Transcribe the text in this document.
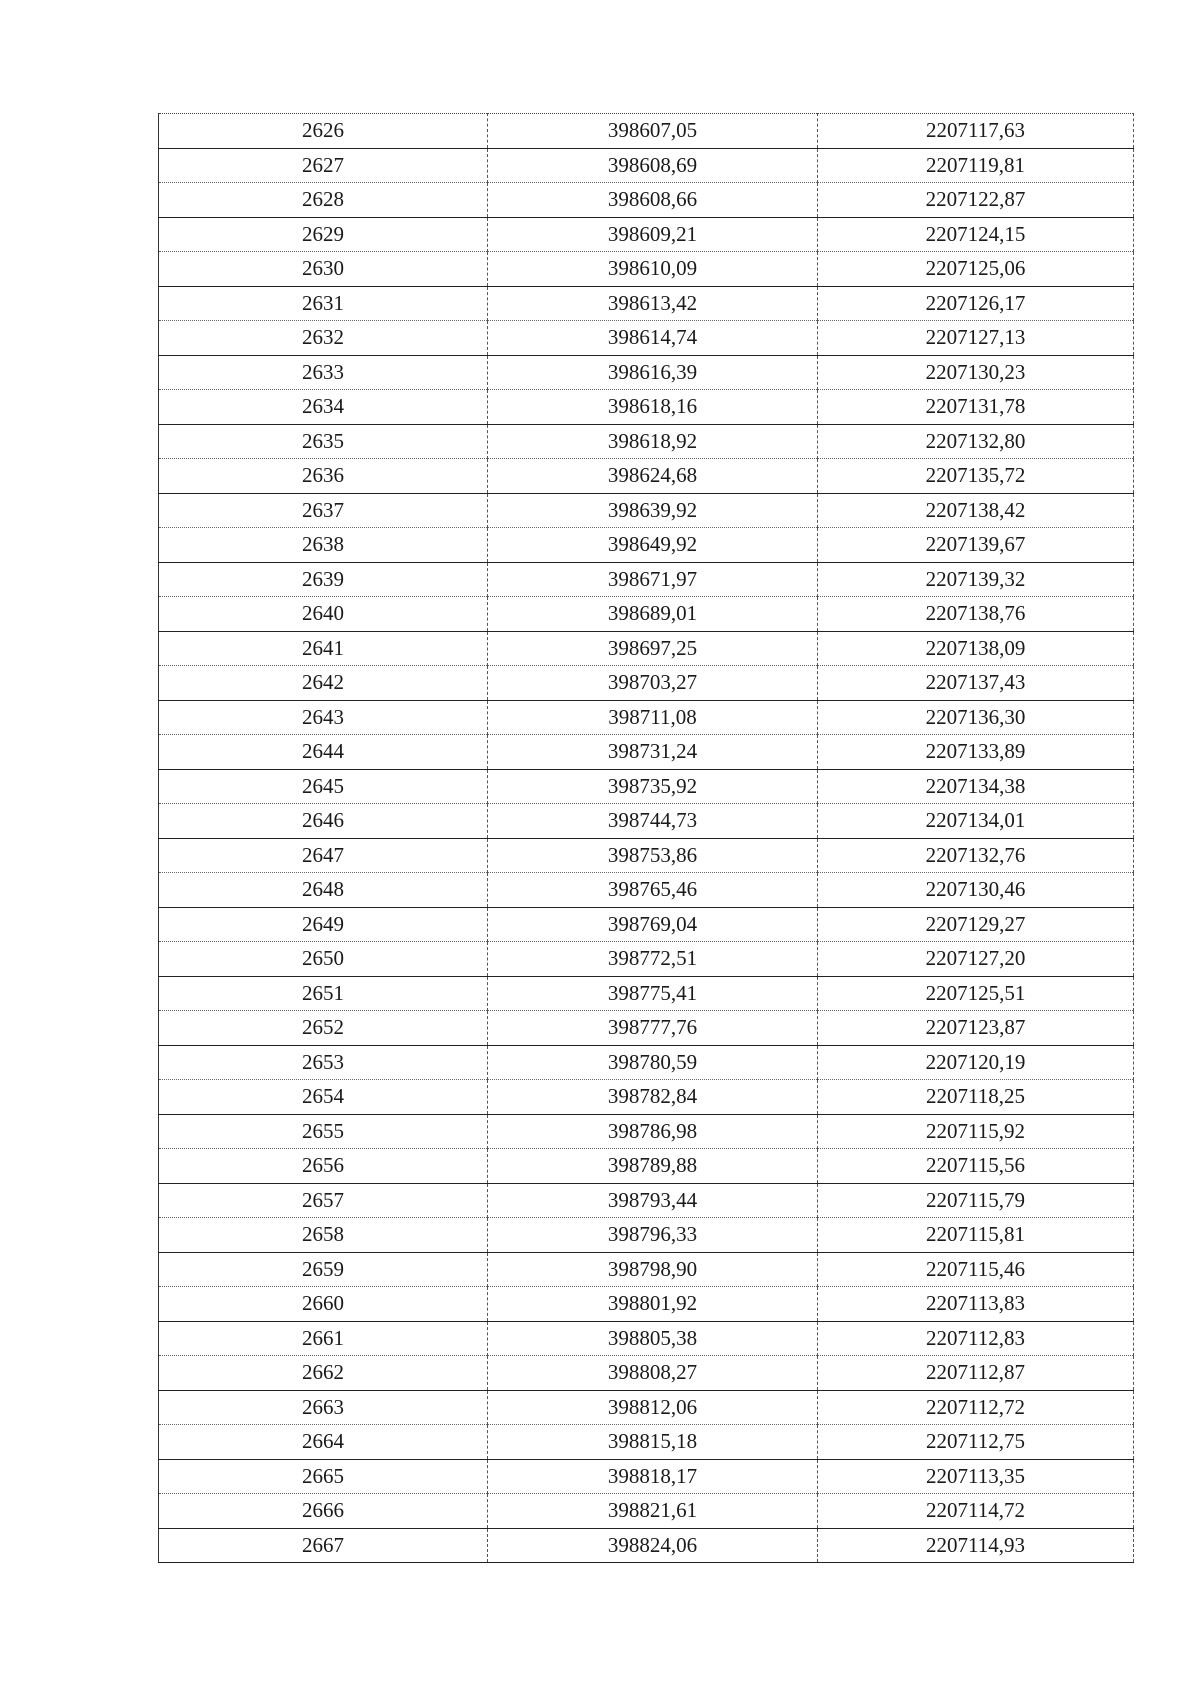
2626	398607,05	2207117,63
2627	398608,69	2207119,81
2628	398608,66	2207122,87
2629	398609,21	2207124,15
2630	398610,09	2207125,06
2631	398613,42	2207126,17
2632	398614,74	2207127,13
2633	398616,39	2207130,23
2634	398618,16	2207131,78
2635	398618,92	2207132,80
2636	398624,68	2207135,72
2637	398639,92	2207138,42
2638	398649,92	2207139,67
2639	398671,97	2207139,32
2640	398689,01	2207138,76
2641	398697,25	2207138,09
2642	398703,27	2207137,43
2643	398711,08	2207136,30
2644	398731,24	2207133,89
2645	398735,92	2207134,38
2646	398744,73	2207134,01
2647	398753,86	2207132,76
2648	398765,46	2207130,46
2649	398769,04	2207129,27
2650	398772,51	2207127,20
2651	398775,41	2207125,51
2652	398777,76	2207123,87
2653	398780,59	2207120,19
2654	398782,84	2207118,25
2655	398786,98	2207115,92
2656	398789,88	2207115,56
2657	398793,44	2207115,79
2658	398796,33	2207115,81
2659	398798,90	2207115,46
2660	398801,92	2207113,83
2661	398805,38	2207112,83
2662	398808,27	2207112,87
2663	398812,06	2207112,72
2664	398815,18	2207112,75
2665	398818,17	2207113,35
2666	398821,61	2207114,72
2667	398824,06	2207114,93
